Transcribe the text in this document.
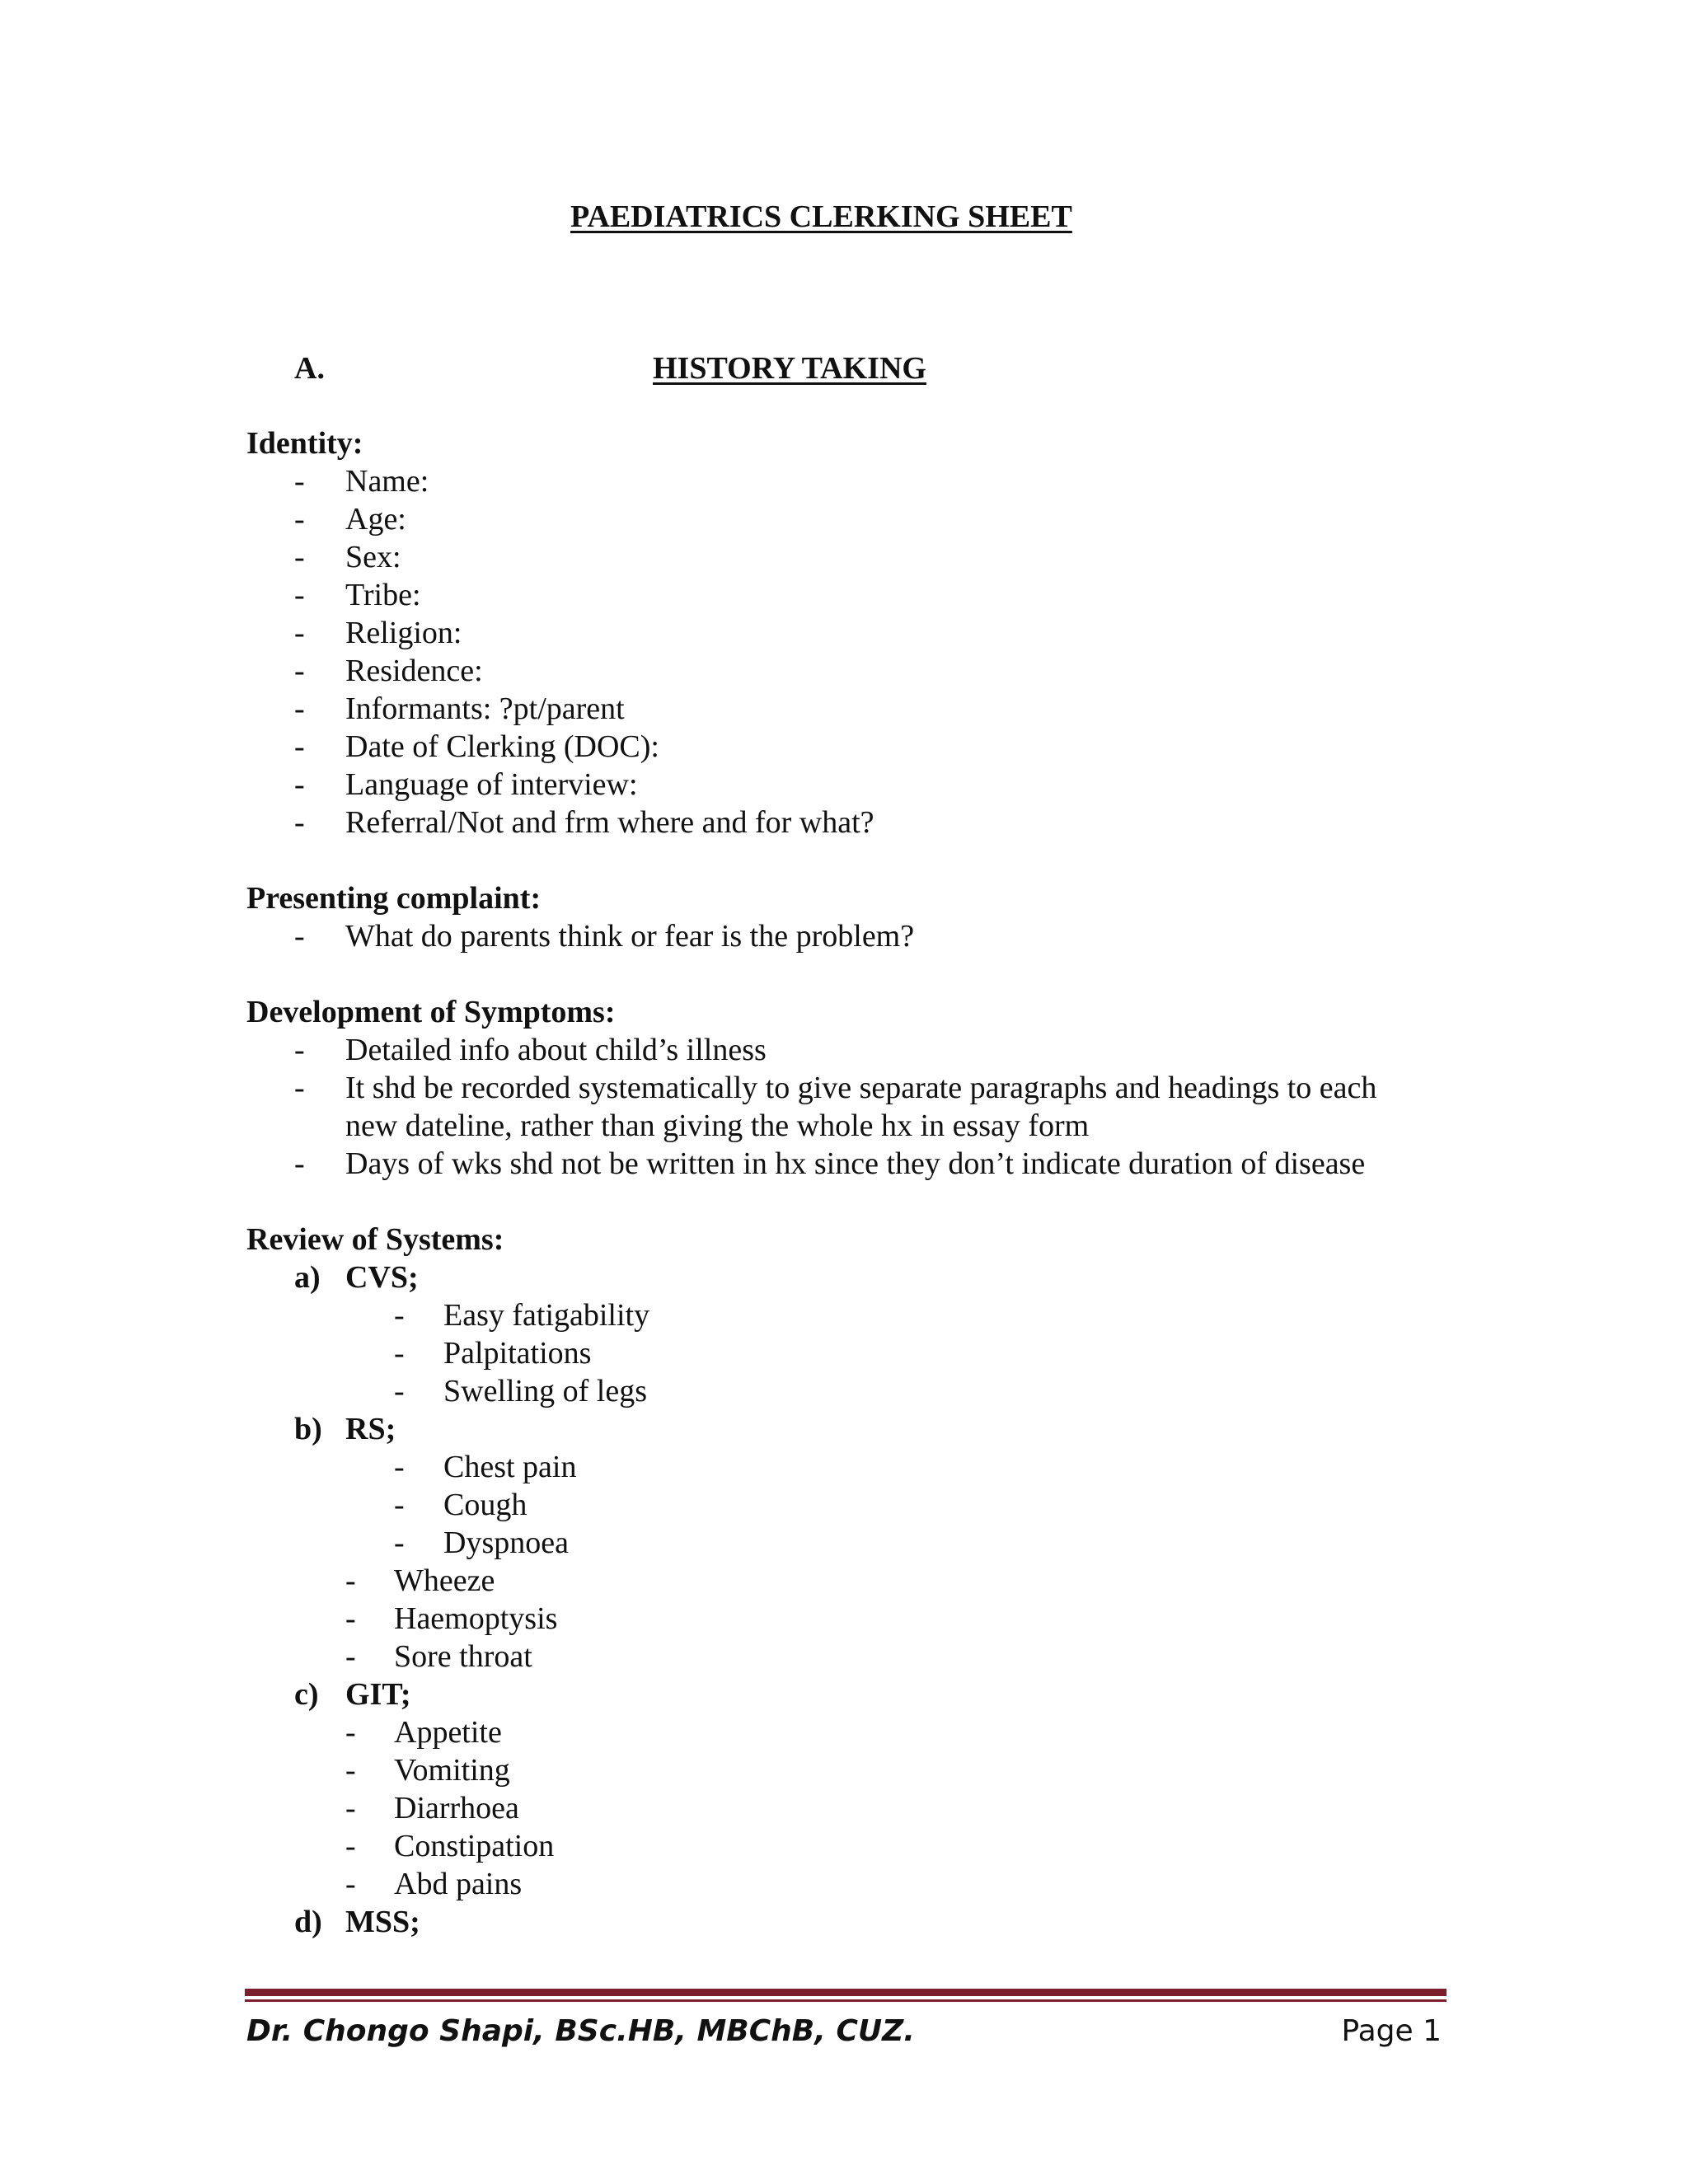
PAEDIATRICS CLERKING SHEET
A.	HISTORY TAKING
Identity:
- Name:
- Age:
- Sex:
- Tribe:
- Religion:
- Residence:
- Informants: ?pt/parent
- Date of Clerking (DOC):
- Language of interview:
- Referral/Not and frm where and for what?
Presenting complaint:
- What do parents think or fear is the problem?
Development of Symptoms:
- Detailed info about child’s illness
- It shd be recorded systematically to give separate paragraphs and headings to each
new dateline, rather than giving the whole hx in essay form
- Days of wks shd not be written in hx since they don’t indicate duration of disease
Review of Systems:
a) CVS;
- Easy fatigability
- Palpitations
- Swelling of legs
b) RS;
- Chest pain
- Cough
- Dyspnoea
- Wheeze
- Haemoptysis
- Sore throat
c) GIT;
- Appetite
- Vomiting
- Diarrhoea
- Constipation
- Abd pains
d) MSS;
Dr. Chongo Shapi, BSc.HB, MBChB, CUZ.	Page 1
